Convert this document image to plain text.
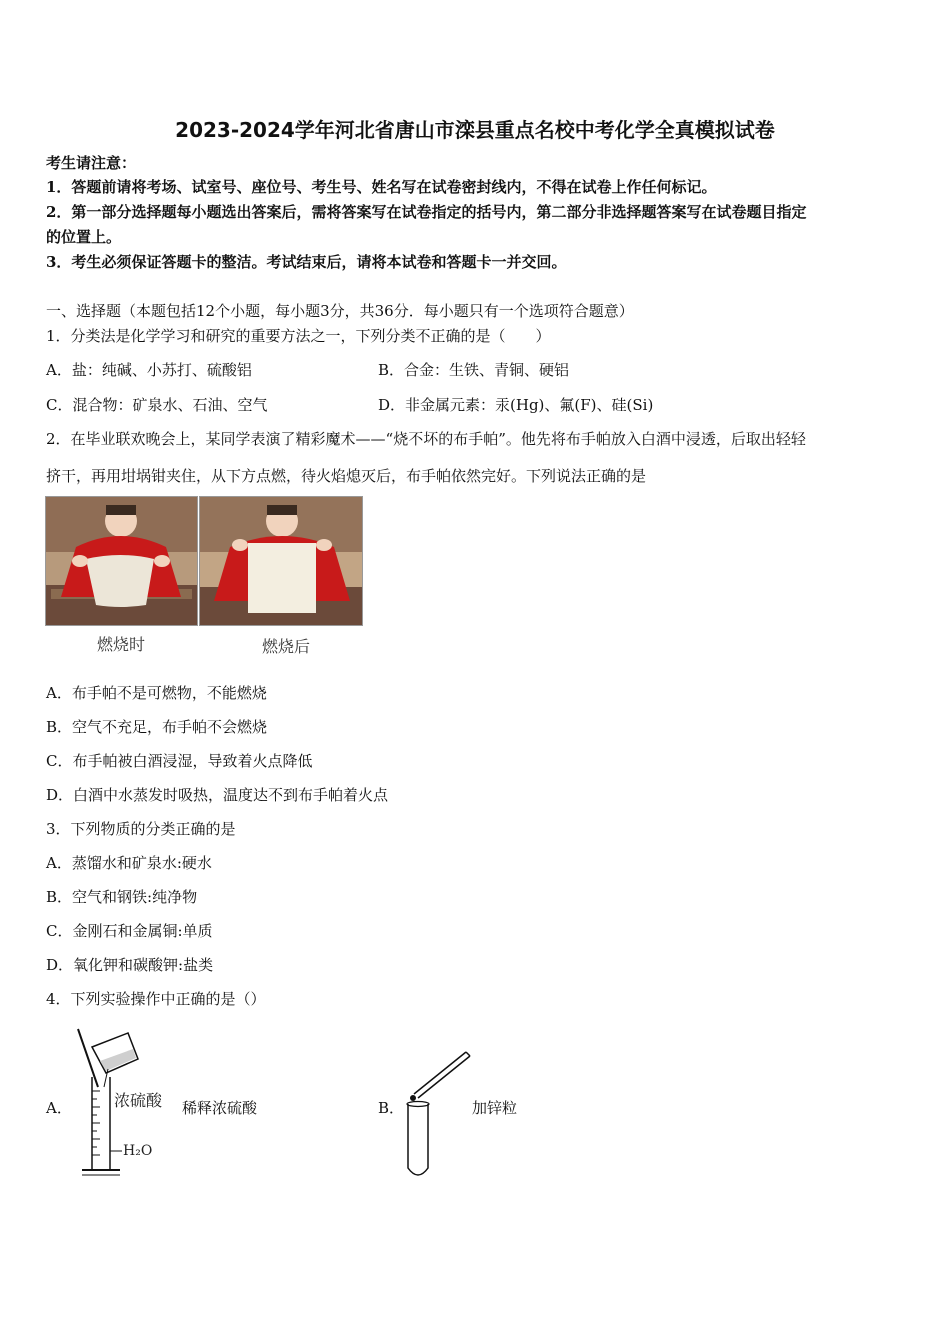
2023-2024学年河北省唐山市滦县重点名校中考化学全真模拟试卷
考生请注意：
1．答题前请将考场、试室号、座位号、考生号、姓名写在试卷密封线内，不得在试卷上作任何标记。
2．第一部分选择题每小题选出答案后，需将答案写在试卷指定的括号内，第二部分非选择题答案写在试卷题目指定
的位置上。
3．考生必须保证答题卡的整洁。考试结束后，请将本试卷和答题卡一并交回。
一、选择题（本题包括12个小题，每小题3分，共36分．每小题只有一个选项符合题意）
1．分类法是化学学习和研究的重要方法之一，下列分类不正确的是（　　）
A．盐：纯碱、小苏打、硫酸铝	B．合金：生铁、青铜、硬铝
C．混合物：矿泉水、石油、空气	D．非金属元素：汞(Hg)、氟(F)、硅(Si)
2．在毕业联欢晚会上，某同学表演了精彩魔术——“烧不坏的布手帕”。他先将布手帕放入白酒中浸透，后取出轻轻
挤干，再用坩埚钳夹住，从下方点燃，待火焰熄灭后，布手帕依然完好。下列说法正确的是
燃烧时	燃烧后
A．布手帕不是可燃物，不能燃烧
B．空气不充足，布手帕不会燃烧
C．布手帕被白酒浸湿，导致着火点降低
D．白酒中水蒸发时吸热，温度达不到布手帕着火点
3．下列物质的分类正确的是
A．蒸馏水和矿泉水:硬水
B．空气和钢铁:纯净物
C．金刚石和金属铜:单质
D．氧化钾和碳酸钾:盐类
4．下列实验操作中正确的是（）
A．	浓硫酸
H₂O
稀释浓硫酸	B．	加锌粒
